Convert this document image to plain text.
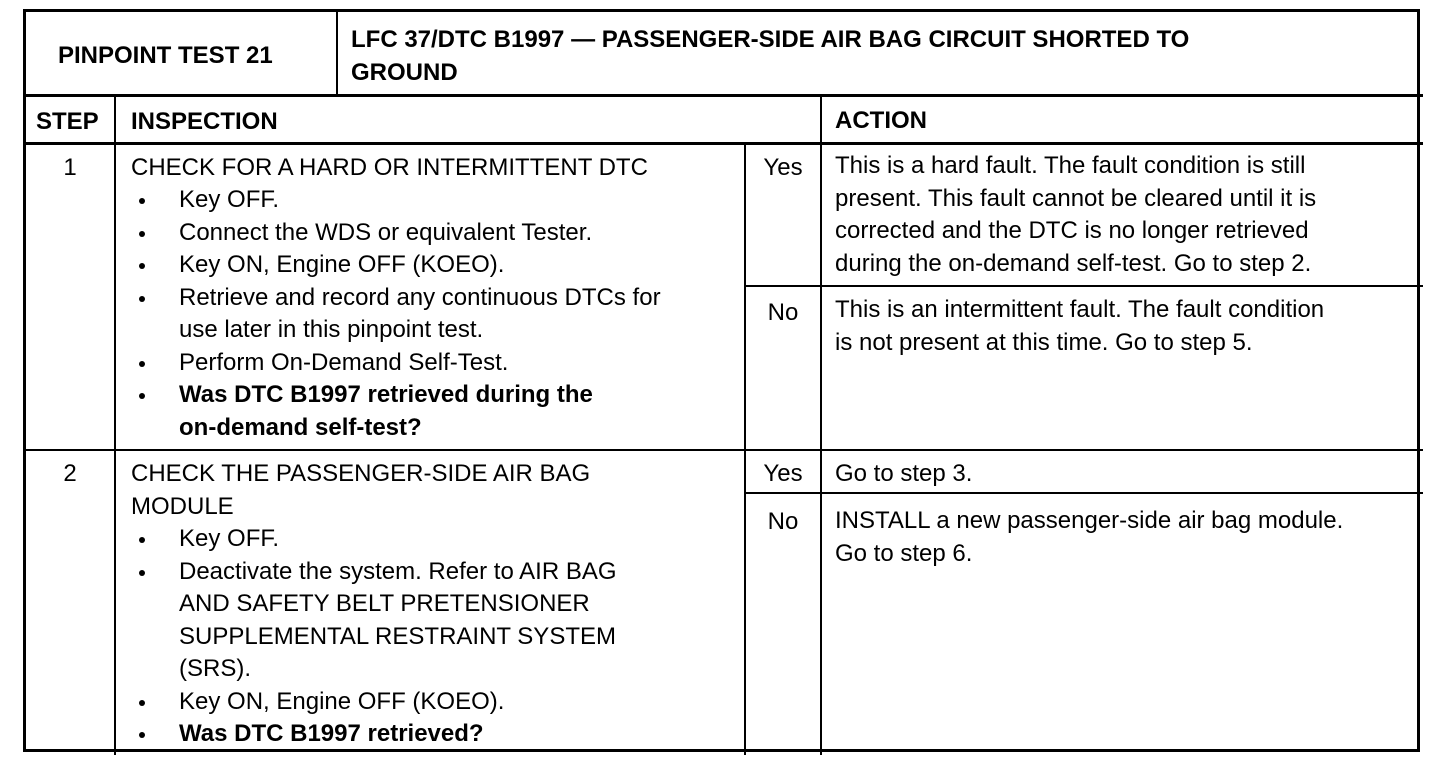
PINPOINT TEST 21
LFC 37/DTC B1997 — PASSENGER-SIDE AIR BAG CIRCUIT SHORTED TO
GROUND
STEP INSPECTION	ACTION
1	CHECK FOR A HARD OR INTERMITTENT DTC
Key OFF.
Connect the WDS or equivalent Tester.
Key ON, Engine OFF (KOEO).
Retrieve and record any continuous DTCs for
use later in this pinpoint test.
Perform On-Demand Self-Test.
Was DTC B1997 retrieved during the
on-demand self-test?
Yes	This is a hard fault. The fault condition is still
present. This fault cannot be cleared until it is
corrected and the DTC is no longer retrieved
during the on-demand self-test. Go to step 2.
No	This is an intermittent fault. The fault condition
is not present at this time. Go to step 5.
2	CHECK THE PASSENGER-SIDE AIR BAG
MODULE
Key OFF.
Deactivate the system. Refer to AIR BAG
AND SAFETY BELT PRETENSIONER
SUPPLEMENTAL RESTRAINT SYSTEM
(SRS).
Key ON, Engine OFF (KOEO).
Was DTC B1997 retrieved?
Yes	Go to step 3.
No	INSTALL a new passenger-side air bag module.
Go to step 6.
